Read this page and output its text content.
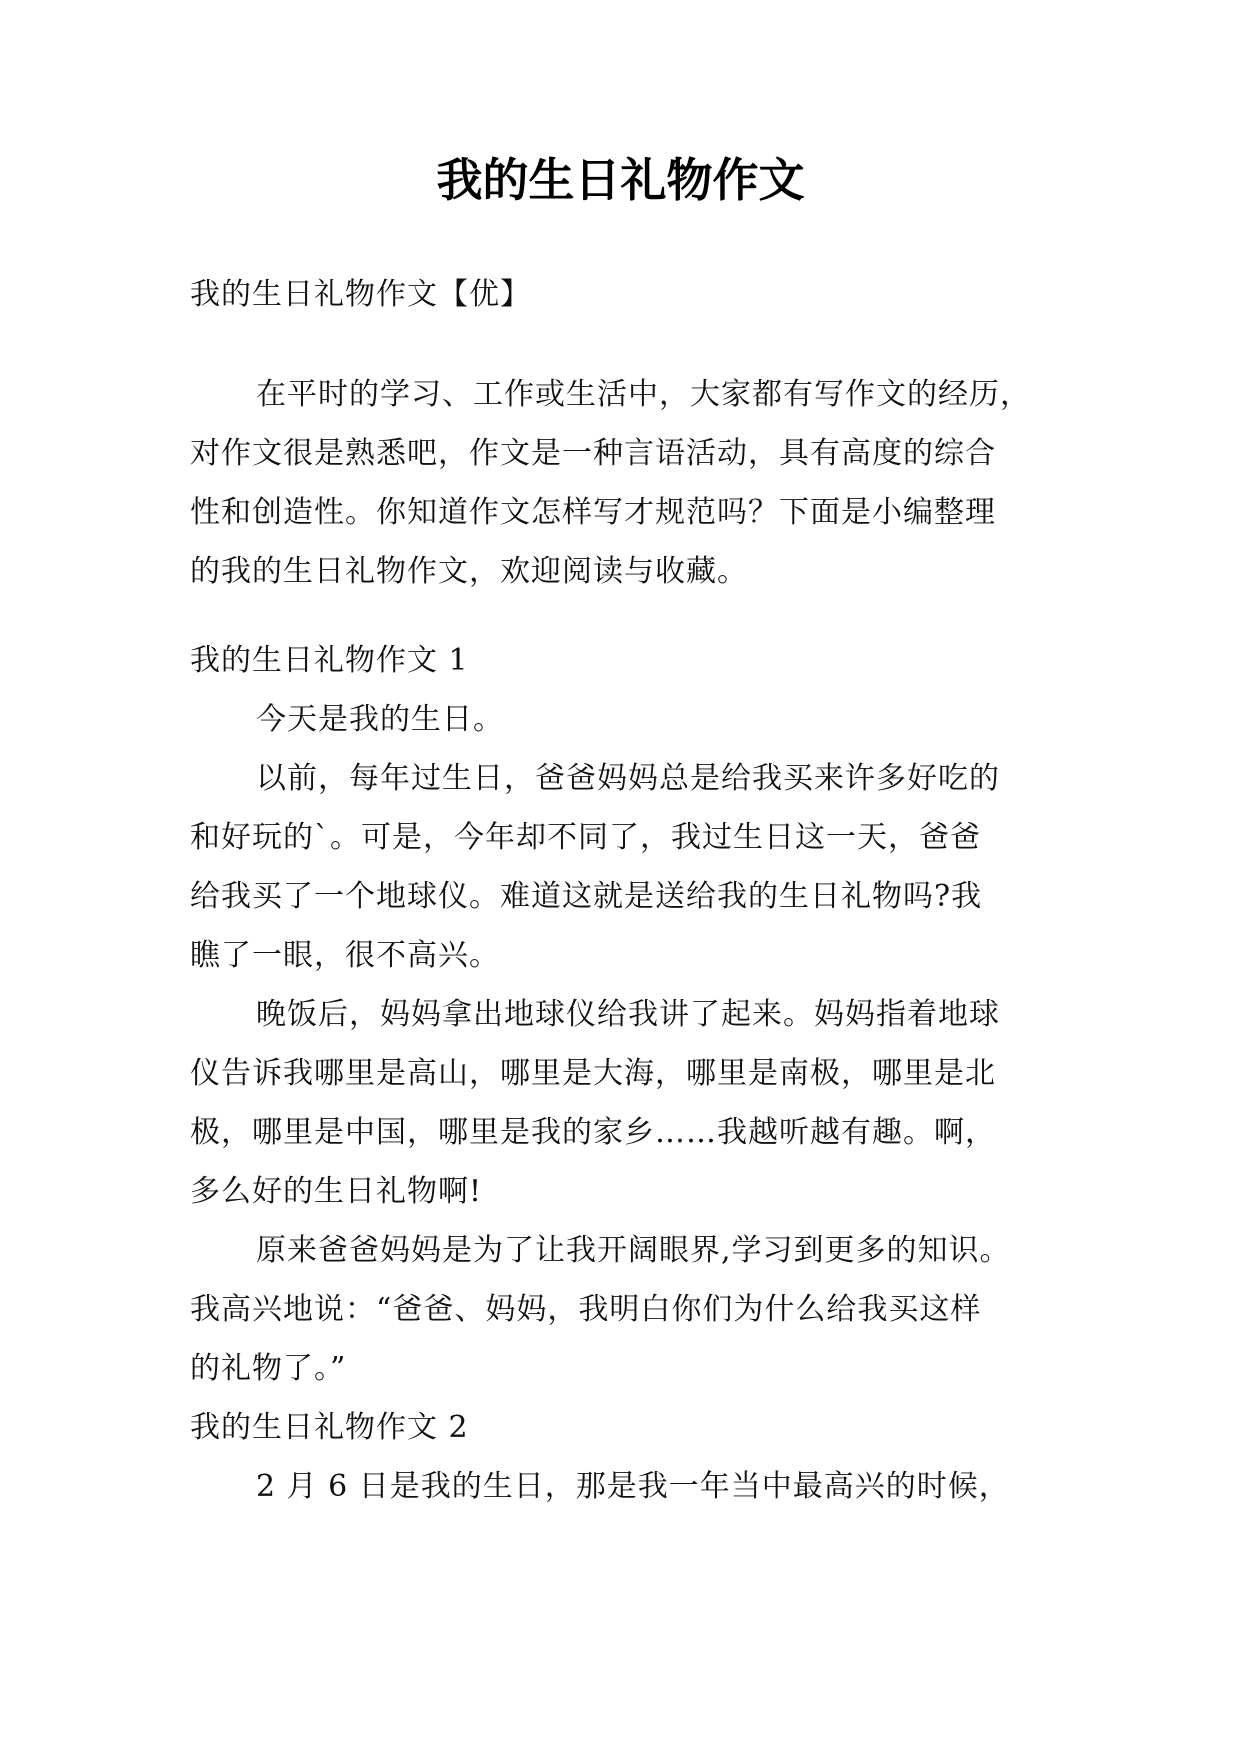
我的生日礼物作文

我的生日礼物作文【优】

在平时的学习、工作或生活中，大家都有写作文的经历，

对作文很是熟悉吧，作文是一种言语活动，具有高度的综合

性和创造性。你知道作文怎样写才规范吗？下面是小编整理

的我的生日礼物作文，欢迎阅读与收藏。

我的生日礼物作文 1

今天是我的生日。

以前，每年过生日，爸爸妈妈总是给我买来许多好吃的

和好玩的`。可是，今年却不同了，我过生日这一天，爸爸

给我买了一个地球仪。难道这就是送给我的生日礼物吗?我

瞧了一眼，很不高兴。

晚饭后，妈妈拿出地球仪给我讲了起来。妈妈指着地球

仪告诉我哪里是高山，哪里是大海，哪里是南极，哪里是北

极，哪里是中国，哪里是我的家乡……我越听越有趣。啊，

多么好的生日礼物啊!

原来爸爸妈妈是为了让我开阔眼界,学习到更多的知识。

我高兴地说：“爸爸、妈妈，我明白你们为什么给我买这样

的礼物了。”

我的生日礼物作文 2

2 月 6 日是我的生日，那是我一年当中最高兴的时候，
